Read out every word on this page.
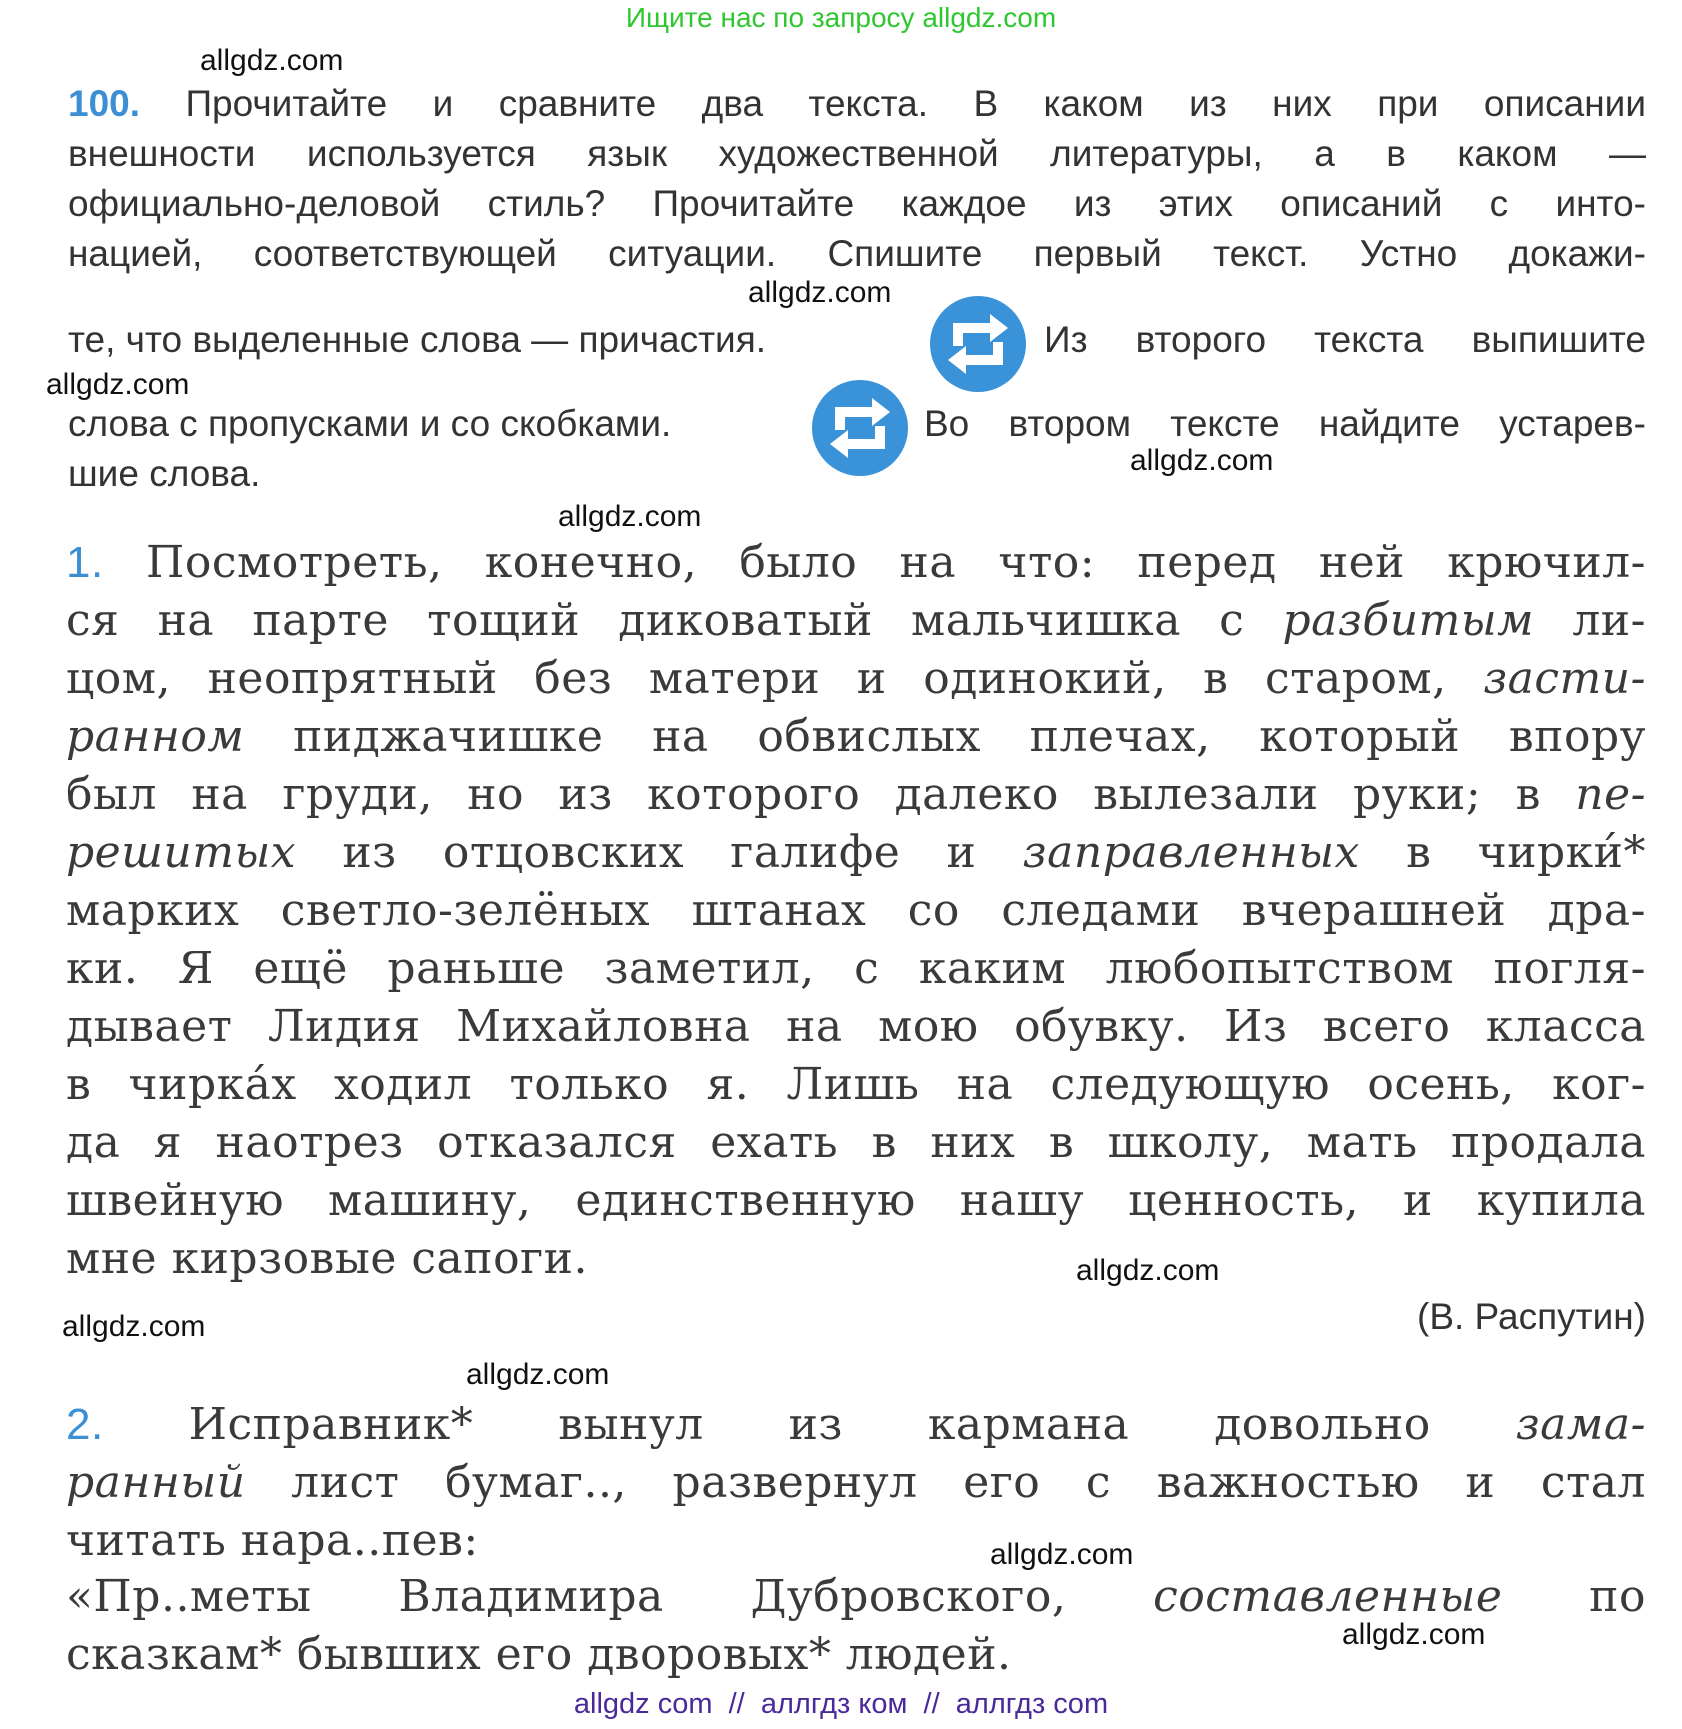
Ищите нас по запросу allgdz.com
allgdz.com
allgdz.com
allgdz.com
allgdz.com
allgdz.com
allgdz.com
allgdz.com
allgdz.com
allgdz.com
allgdz.com
100. Прочитайте и сравните два текста. В каком из них при описании
внешности используется язык художественной литературы, а в каком —
официально-деловой стиль? Прочитайте каждое из этих описаний с инто-
нацией, соответствующей ситуации. Спишите первый текст. Устно докажи-
те, что выделенные слова — причастия.	Из второго текста выпишите
слова с пропусками и со скобками.	Во втором тексте найдите устарев-
шие слова.
1. Посмотреть, конечно, было на что: перед ней крючил-
ся на парте тощий диковатый мальчишка с разбитым ли-
цом, неопрятный без матери и одинокий, в старом, засти-
ранном пиджачишке на обвислых плечах, который впору
был на груди, но из которого далеко вылезали руки; в пе-
решитых из отцовских галифе и заправленных в чирки́*
марких светло-зелёных штанах со следами вчерашней дра-
ки. Я ещё раньше заметил, с каким любопытством погля-
дывает Лидия Михайловна на мою обувку. Из всего класса
в чирка́х ходил только я. Лишь на следующую осень, ког-
да я наотрез отказался ехать в них в школу, мать продала
швейную машину, единственную нашу ценность, и купила
мне кирзовые сапоги.
(В. Распутин)
2. Исправник* вынул из кармана довольно зама-
ранный лист бумаг.., развернул его с важностью и стал
читать нара..пев:
«Пр..меты Владимира Дубровского, составленные по
сказкам* бывших его дворовых* людей.
allgdz com  //  аллгдз ком  //  аллгдз com
